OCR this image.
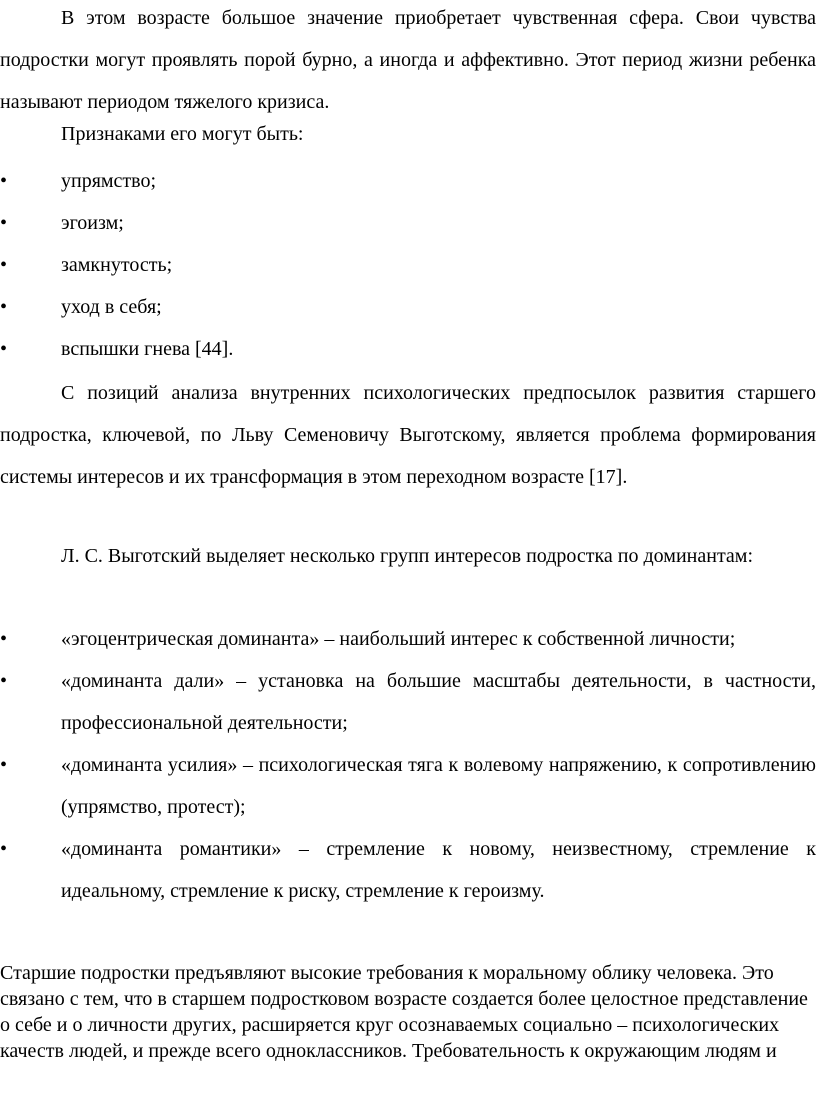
В этом возрасте большое значение приобретает чувственная сфера. Свои чувства подростки могут проявлять порой бурно, а иногда и аффективно. Этот период жизни ребенка называют периодом тяжелого кризиса.

Признаками его могут быть:

•	упрямство;
•	эгоизм;
•	замкнутость;
•	уход в себя;
•	вспышки гнева [44].

С позиций анализа внутренних психологических предпосылок развития старшего подростка, ключевой, по Льву Семеновичу Выготскому, является проблема формирования системы интересов и их трансформация в этом переходном возрасте [17].

Л. С. Выготский выделяет несколько групп интересов подростка по доминантам:

•	«эгоцентрическая доминанта» – наибольший интерес к собственной личности;
•	«доминанта дали» – установка на большие масштабы деятельности, в частности, профессиональной деятельности;
•	«доминанта усилия» – психологическая тяга к волевому напряжению, к сопротивлению (упрямство, протест);
•	«доминанта романтики» – стремление к новому, неизвестному, стремление к идеальному, стремление к риску, стремление к героизму.

Старшие подростки предъявляют высокие требования к моральному облику человека. Это связано с тем, что в старшем подростковом возрасте создается более целостное представление о себе и о личности других, расширяется круг осознаваемых социально – психологических качеств людей, и прежде всего одноклассников. Требовательность к окружающим людям и
